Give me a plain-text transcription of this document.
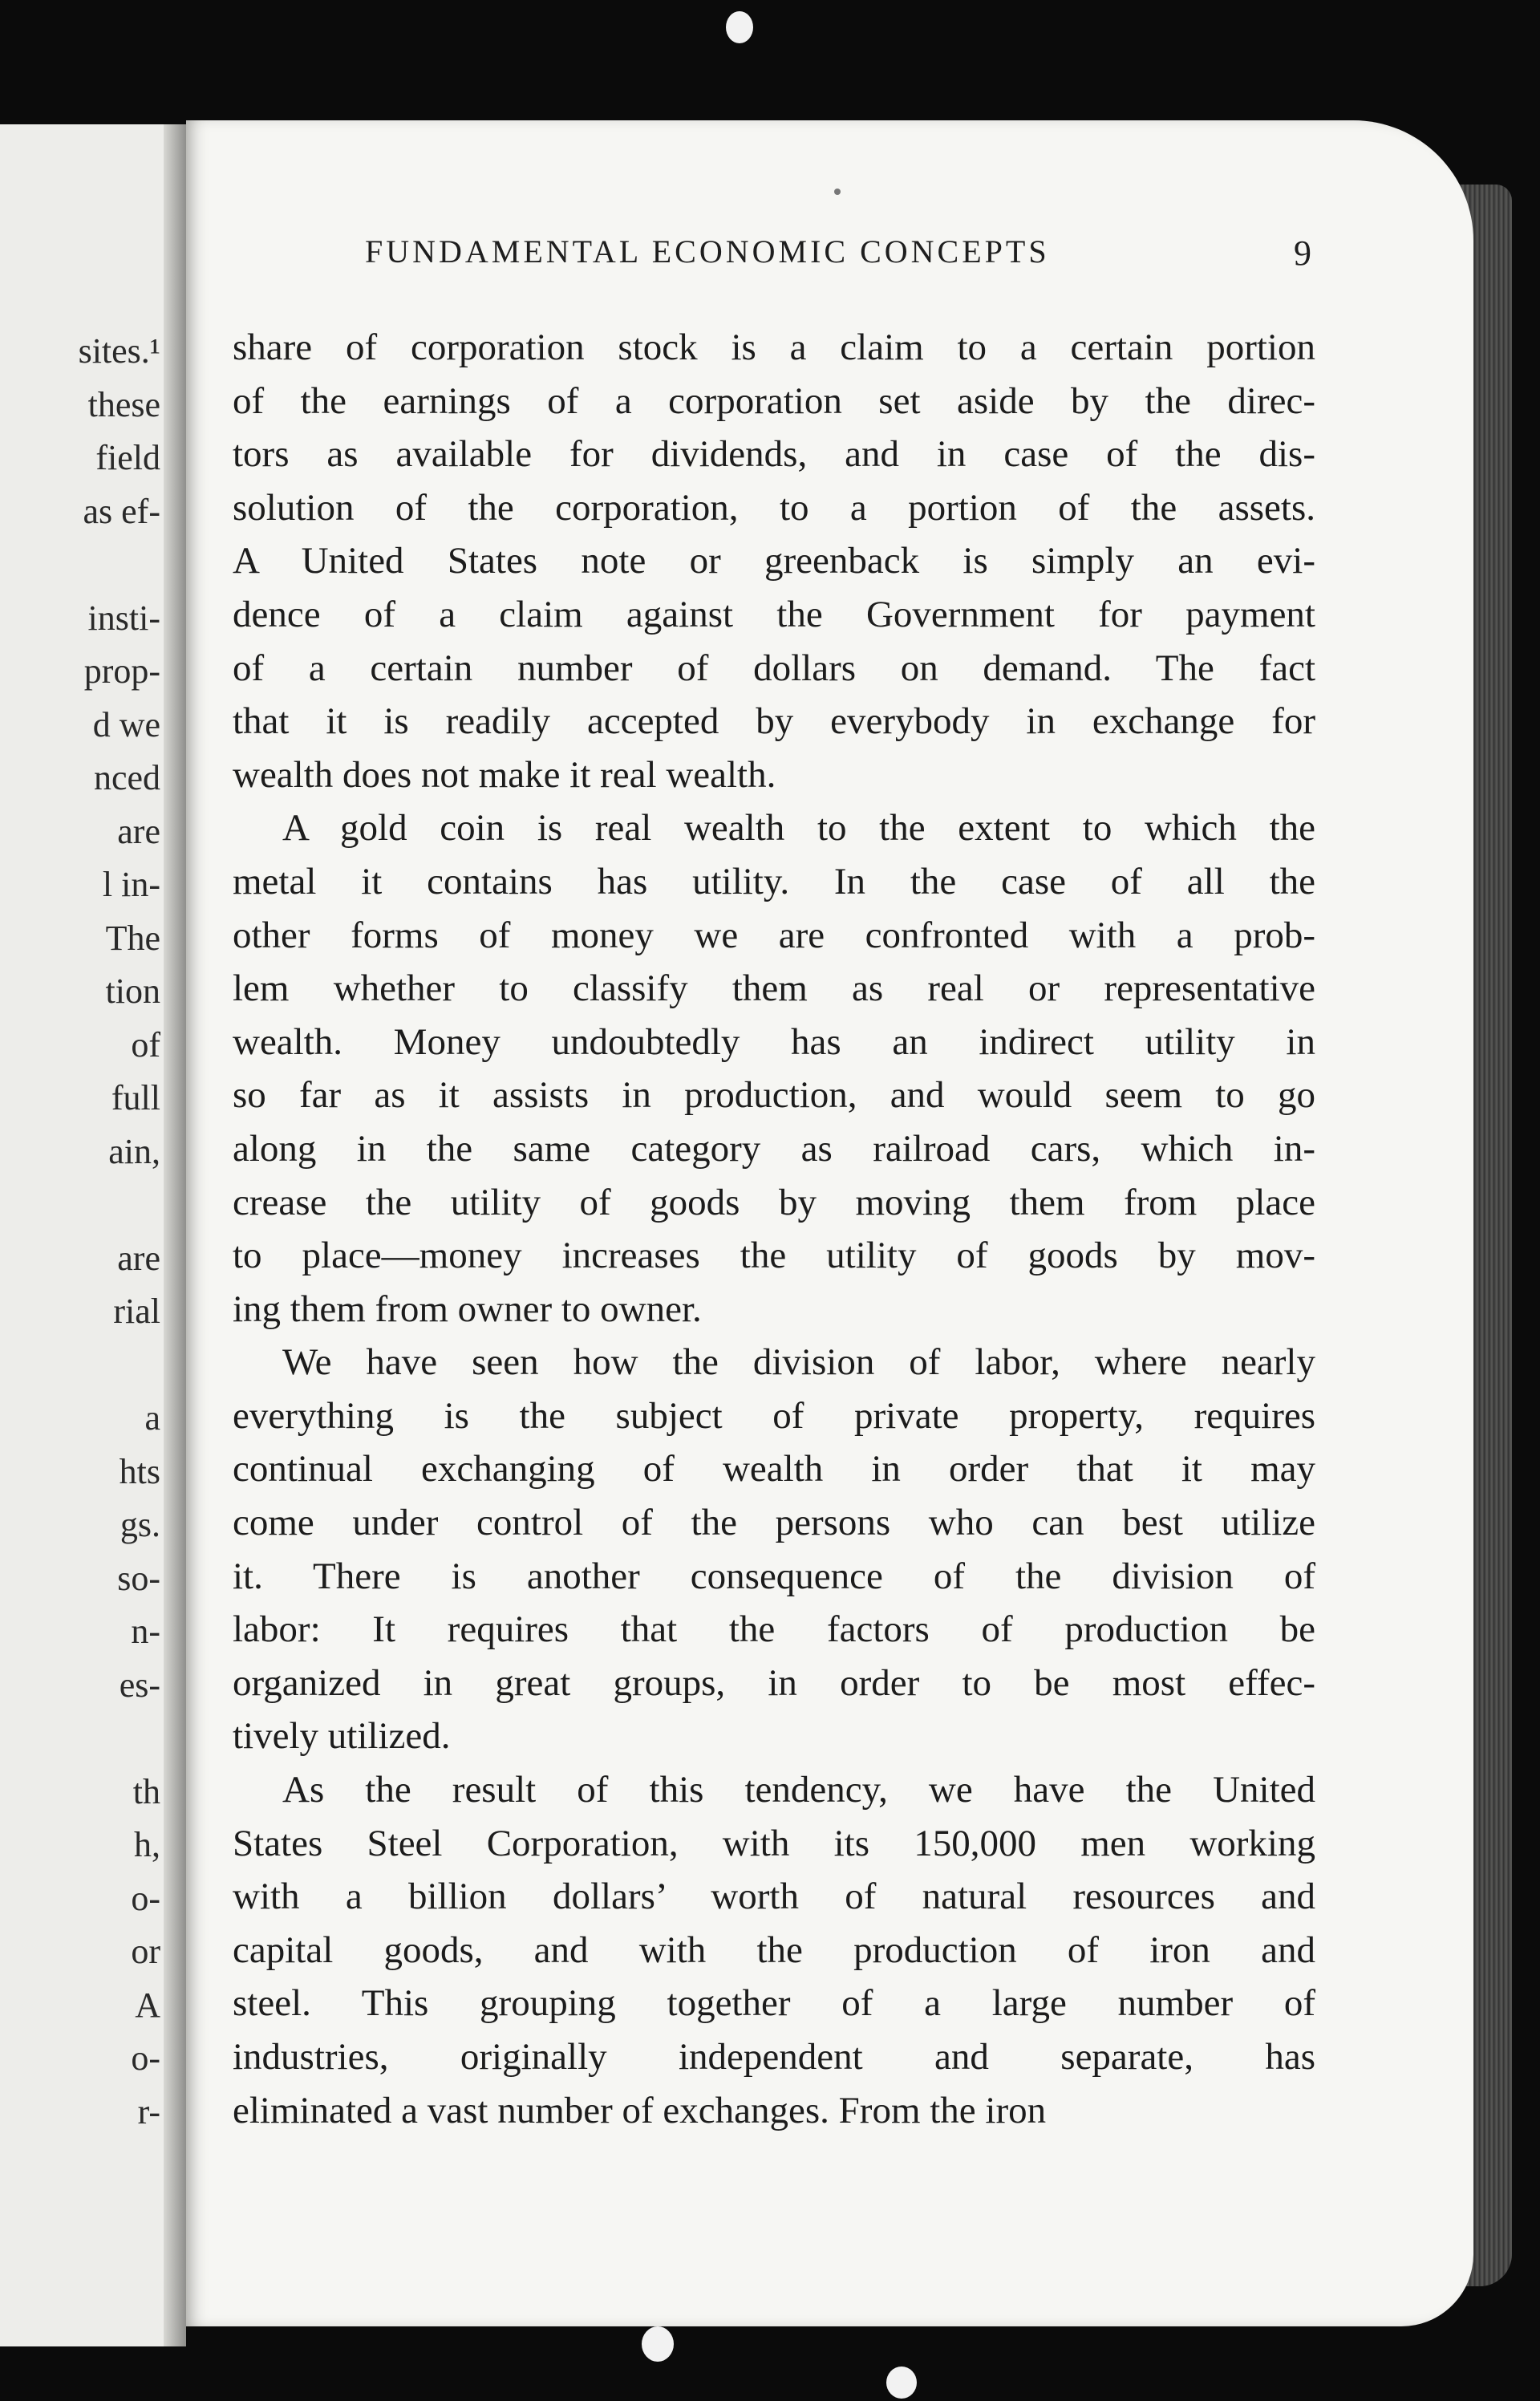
sites.¹
these
field
as ef-
insti-
prop-
d we
nced
are
l in-
The
tion
of
full
ain,
are
rial
a
hts
gs.
so-
n-
es-
th
h,
o-
or
A
o-
r-
FUNDAMENTAL ECONOMIC CONCEPTS	9

share of corporation stock is a claim to a certain portion

of the earnings of a corporation set aside by the direc-

tors as available for dividends, and in case of the dis-

solution of the corporation, to a portion of the assets.

A United States note or greenback is simply an evi-

dence of a claim against the Government for payment

of a certain number of dollars on demand. The fact

that it is readily accepted by everybody in exchange for

wealth does not make it real wealth.

A gold coin is real wealth to the extent to which the

metal it contains has utility. In the case of all the

other forms of money we are confronted with a prob-

lem whether to classify them as real or representative

wealth. Money undoubtedly has an indirect utility in

so far as it assists in production, and would seem to go

along in the same category as railroad cars, which in-

crease the utility of goods by moving them from place

to place—money increases the utility of goods by mov-

ing them from owner to owner.

We have seen how the division of labor, where nearly

everything is the subject of private property, requires

continual exchanging of wealth in order that it may

come under control of the persons who can best utilize

it. There is another consequence of the division of

labor: It requires that the factors of production be

organized in great groups, in order to be most effec-

tively utilized.

As the result of this tendency, we have the United

States Steel Corporation, with its 150,000 men working

with a billion dollars’ worth of natural resources and

capital goods, and with the production of iron and

steel. This grouping together of a large number of

industries, originally independent and separate, has

eliminated a vast number of exchanges. From the iron
